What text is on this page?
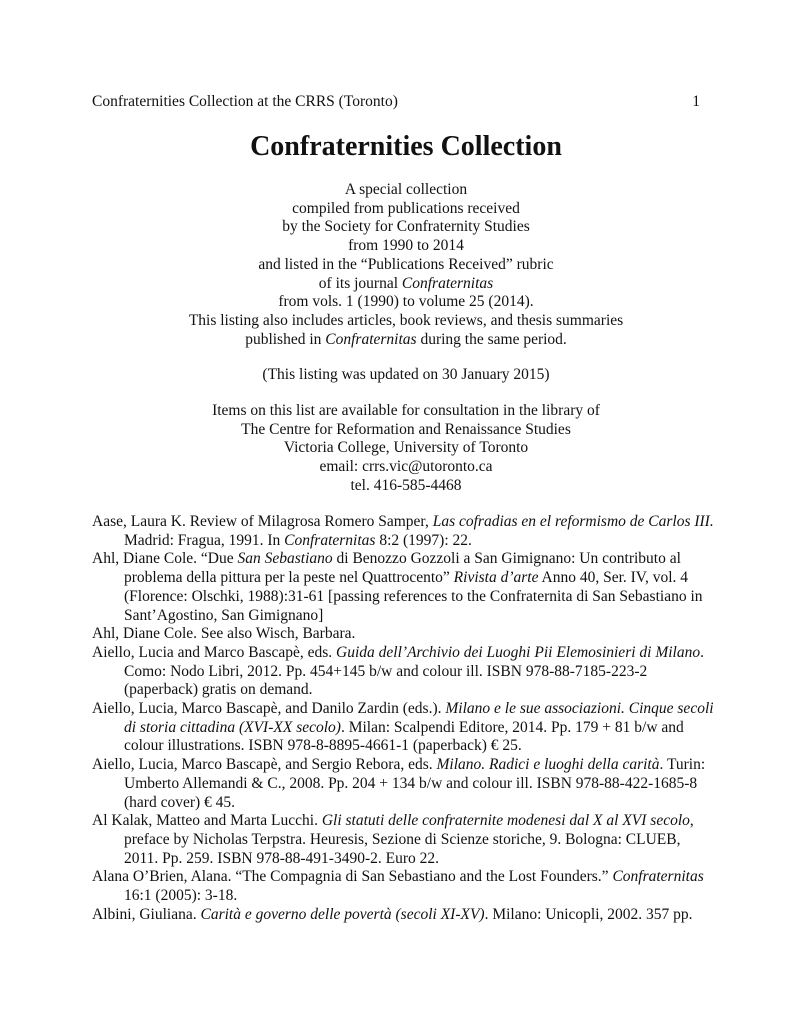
Confraternities Collection at the CRRS (Toronto)	1
Confraternities Collection
A special collection
compiled from publications received
by the Society for Confraternity Studies
from 1990 to 2014
and listed in the “Publications Received” rubric
of its journal Confraternitas
from vols. 1 (1990) to volume 25 (2014).
This listing also includes articles, book reviews, and thesis summaries
published in Confraternitas during the same period.
(This listing was updated on 30 January 2015)
Items on this list are available for consultation in the library of
The Centre for Reformation and Renaissance Studies
Victoria College, University of Toronto
email: crrs.vic@utoronto.ca
tel. 416-585-4468

Aase, Laura K. Review of Milagrosa Romero Samper, Las cofradias en el reformismo de Carlos III.
Madrid: Fragua, 1991. In Confraternitas 8:2 (1997): 22.

Ahl, Diane Cole. “Due San Sebastiano di Benozzo Gozzoli a San Gimignano: Un contributo al
problema della pittura per la peste nel Quattrocento” Rivista d’arte Anno 40, Ser. IV, vol. 4
(Florence: Olschki, 1988):31-61 [passing references to the Confraternita di San Sebastiano in
Sant’Agostino, San Gimignano]

Ahl, Diane Cole. See also Wisch, Barbara.

Aiello, Lucia and Marco Bascapè, eds. Guida dell’Archivio dei Luoghi Pii Elemosinieri di Milano.
Como: Nodo Libri, 2012. Pp. 454+145 b/w and colour ill. ISBN 978-88-7185-223-2
(paperback) gratis on demand.

Aiello, Lucia, Marco Bascapè, and Danilo Zardin (eds.). Milano e le sue associazioni. Cinque secoli
di storia cittadina (XVI-XX secolo). Milan: Scalpendi Editore, 2014. Pp. 179 + 81 b/w and
colour illustrations. ISBN 978-8-8895-4661-1 (paperback) € 25.

Aiello, Lucia, Marco Bascapè, and Sergio Rebora, eds. Milano. Radici e luoghi della carità. Turin:
Umberto Allemandi & C., 2008. Pp. 204 + 134 b/w and colour ill. ISBN 978-88-422-1685-8
(hard cover) € 45.

Al Kalak, Matteo and Marta Lucchi. Gli statuti delle confraternite modenesi dal X al XVI secolo,
preface by Nicholas Terpstra. Heuresis, Sezione di Scienze storiche, 9. Bologna: CLUEB,
2011. Pp. 259. ISBN 978-88-491-3490-2. Euro 22.

Alana O’Brien, Alana. “The Compagnia di San Sebastiano and the Lost Founders.” Confraternitas
16:1 (2005): 3-18.

Albini, Giuliana. Carità e governo delle povertà (secoli XI-XV). Milano: Unicopli, 2002. 357 pp.
